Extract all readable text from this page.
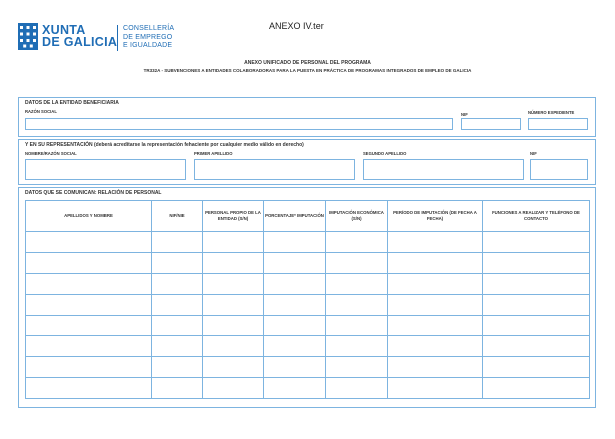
XUNTA
DE GALICIA
CONSELLERÍA
DE EMPREGO
E IGUALDADE
ANEXO IV.ter
ANEXO UNIFICADO DE PERSONAL DEL PROGRAMA
TR332A - SUBVENCIONES A ENTIDADES COLABORADORAS PARA LA PUESTA EN PRÁCTICA DE PROGRAMAS INTEGRADOS DE EMPLEO DE GALICIA
DATOS DE LA ENTIDAD BENEFICIARIA
RAZÓN SOCIAL
NIF	NÚMERO EXPEDIENTE
Y EN SU REPRESENTACIÓN (deberá acreditarse la representación fehaciente por cualquier medio válido en derecho)
NOMBRE/RAZÓN SOCIAL	PRIMER APELLIDO	SEGUNDO APELLIDO	NIF
DATOS QUE SE COMUNICAN: RELACIÓN DE PERSONAL
APELLIDOS Y NOMBRE	NIF/NIE	PERSONAL PROPIO DE LA ENTIDAD (S/N)	PORCENTAJE* IMPUTACIÓN	IMPUTACIÓN ECONÓMICA (S/N)	PERÍODO DE IMPUTACIÓN (DE FECHA A FECHA)	FUNCIONES A REALIZAR Y TELÉFONO DE CONTACTO
